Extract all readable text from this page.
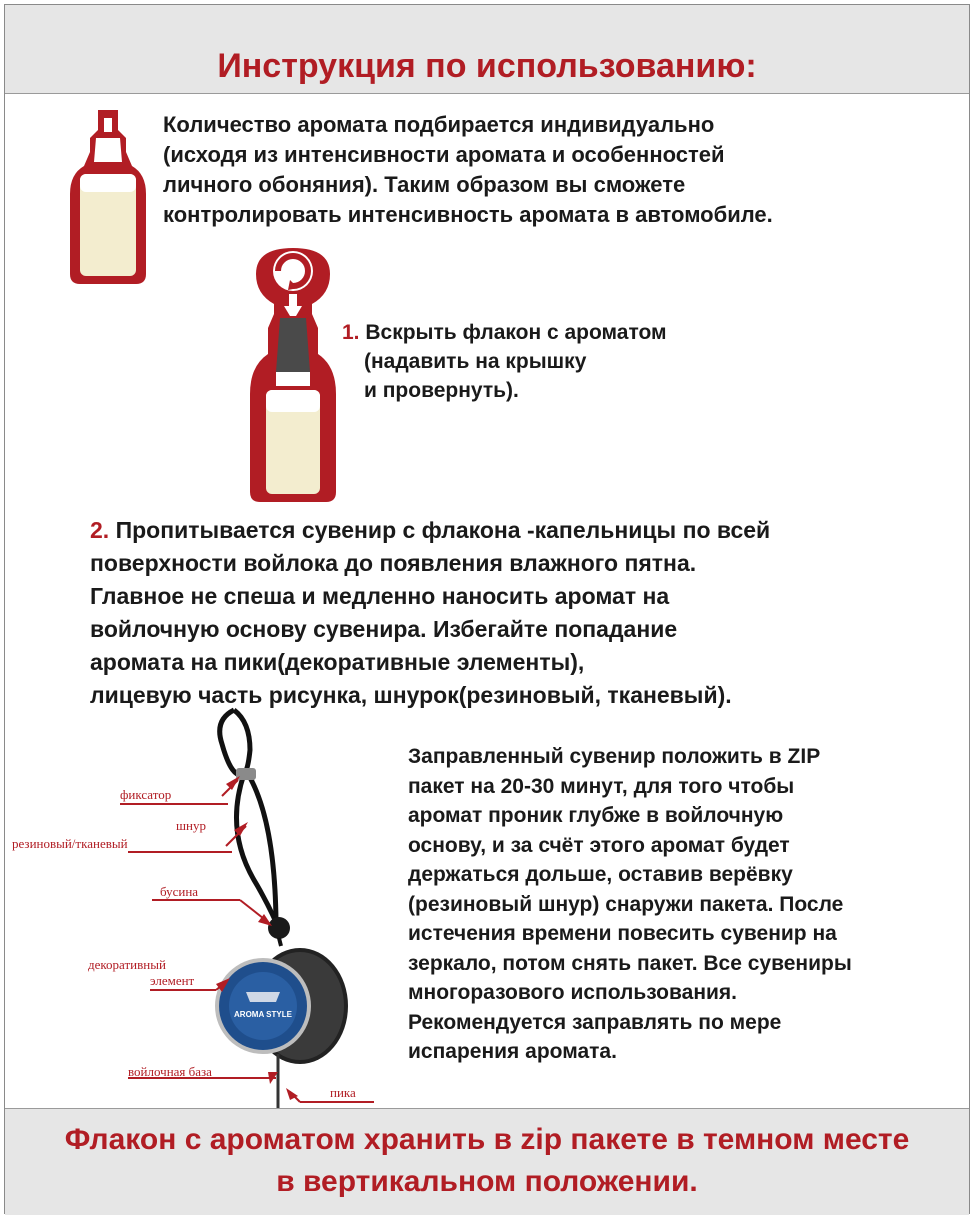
Инструкция по использованию:
Количество аромата подбирается индивидуально
(исходя из интенсивности аромата и особенностей
личного обоняния). Таким образом вы сможете
контролировать интенсивность аромата в автомобиле.
1. Вскрыть флакон с ароматом
(надавить на крышку
и провернуть).
2. Пропитывается сувенир с флакона -капельницы по всей
поверхности войлока до появления влажного пятна.
Главное не спеша и медленно наносить аромат на
войлочную основу сувенира. Избегайте попадание
аромата на пики(декоративные элементы),
лицевую часть рисунка, шнурок(резиновый, тканевый).
AROMA STYLE
фиксатор
шнур
резиновый/тканевый
бусина
декоративный
элемент
войлочная база
пика
Заправленный сувенир положить в ZIP
пакет на 20-30 минут, для того чтобы
аромат проник глубже в войлочную
основу, и за счёт этого аромат будет
держаться дольше, оставив верёвку
(резиновый шнур) снаружи пакета. После
истечения времени повесить сувенир на
зеркало, потом снять пакет. Все сувениры
многоразового использования.
Рекомендуется заправлять по мере
испарения аромата.
Флакон с ароматом хранить в zip пакете в темном месте
в вертикальном положении.
